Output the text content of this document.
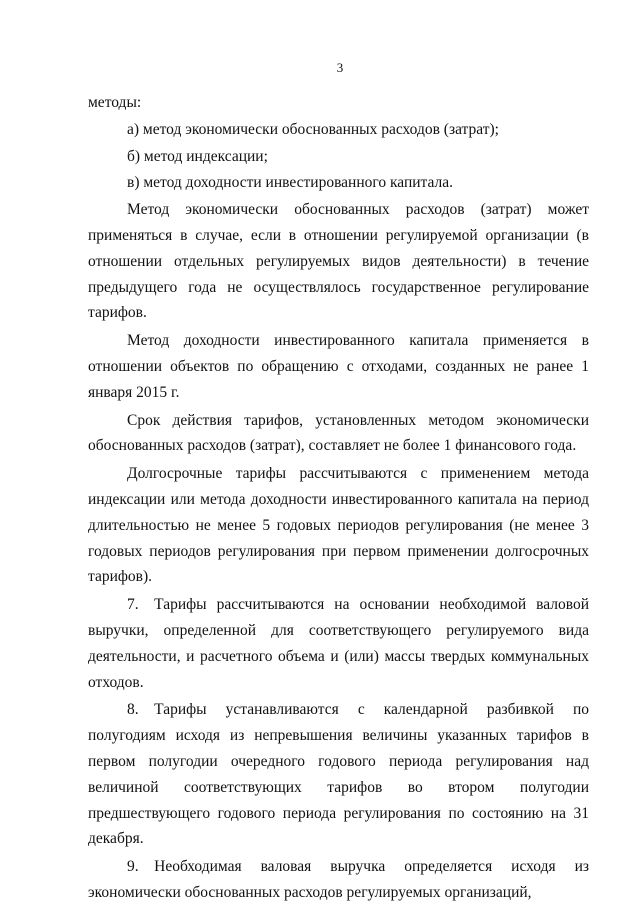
3

методы:

а) метод экономически обоснованных расходов (затрат);

б) метод индексации;

в) метод доходности инвестированного капитала.

Метод экономически обоснованных расходов (затрат) может применяться в случае, если в отношении регулируемой организации (в отношении отдельных регулируемых видов деятельности) в течение предыдущего года не осуществлялось государственное регулирование тарифов.

Метод доходности инвестированного капитала применяется в отношении объектов по обращению с отходами, созданных не ранее 1 января 2015 г.

Срок действия тарифов, установленных методом экономически обоснованных расходов (затрат), составляет не более 1 финансового года.

Долгосрочные тарифы рассчитываются с применением метода индексации или метода доходности инвестированного капитала на период длительностью не менее 5 годовых периодов регулирования (не менее 3 годовых периодов регулирования при первом применении долгосрочных тарифов).

7. Тарифы рассчитываются на основании необходимой валовой выручки, определенной для соответствующего регулируемого вида деятельности, и расчетного объема и (или) массы твердых коммунальных отходов.

8. Тарифы устанавливаются с календарной разбивкой по полугодиям исходя из непревышения величины указанных тарифов в первом полугодии очередного годового периода регулирования над величиной соответствующих тарифов во втором полугодии предшествующего годового периода регулирования по состоянию на 31 декабря.

9. Необходимая валовая выручка определяется исходя из экономически обоснованных расходов регулируемых организаций,
